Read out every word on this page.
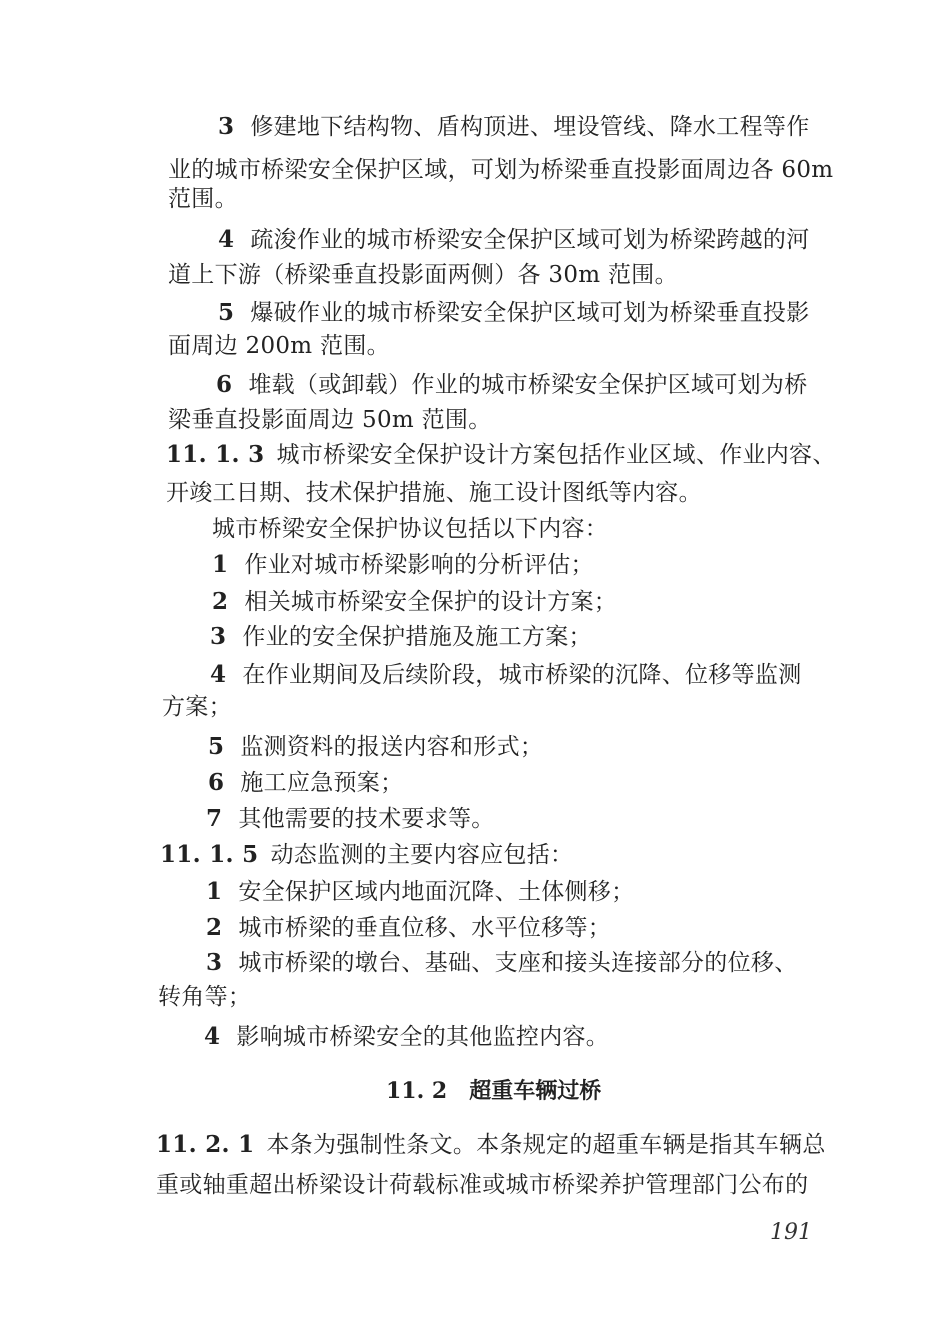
3 修建地下结构物、盾构顶进、埋设管线、降水工程等作
业的城市桥梁安全保护区域，可划为桥梁垂直投影面周边各 60m
范围。
4 疏浚作业的城市桥梁安全保护区域可划为桥梁跨越的河
道上下游（桥梁垂直投影面两侧）各 30m 范围。
5 爆破作业的城市桥梁安全保护区域可划为桥梁垂直投影
面周边 200m 范围。
6 堆载（或卸载）作业的城市桥梁安全保护区域可划为桥
梁垂直投影面周边 50m 范围。
11. 1. 3 城市桥梁安全保护设计方案包括作业区域、作业内容、
开竣工日期、技术保护措施、施工设计图纸等内容。
城市桥梁安全保护协议包括以下内容：
1 作业对城市桥梁影响的分析评估；
2 相关城市桥梁安全保护的设计方案；
3 作业的安全保护措施及施工方案；
4 在作业期间及后续阶段，城市桥梁的沉降、位移等监测
方案；
5 监测资料的报送内容和形式；
6 施工应急预案；
7 其他需要的技术要求等。
11. 1. 5 动态监测的主要内容应包括：
1 安全保护区域内地面沉降、土体侧移；
2 城市桥梁的垂直位移、水平位移等；
3 城市桥梁的墩台、基础、支座和接头连接部分的位移、
转角等；
4 影响城市桥梁安全的其他监控内容。
11. 2 超重车辆过桥
11. 2. 1 本条为强制性条文。本条规定的超重车辆是指其车辆总
重或轴重超出桥梁设计荷载标准或城市桥梁养护管理部门公布的
191
